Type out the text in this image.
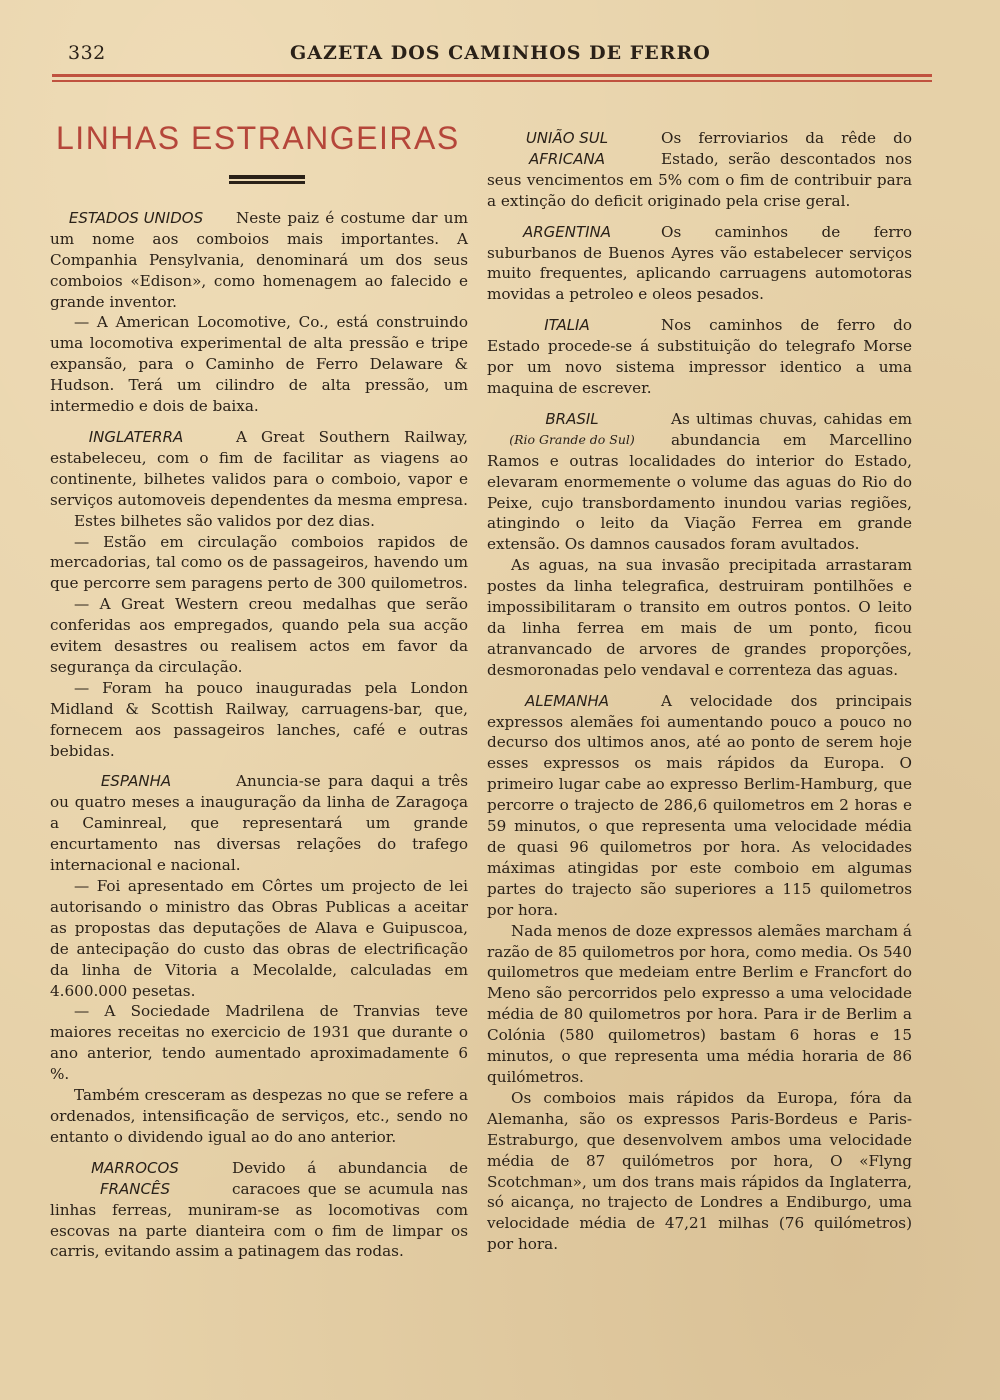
332	GAZETA DOS CAMINHOS DE FERRO
LINHAS ESTRANGEIRAS
ESTADOS UNIDOS	Neste paiz é costume dar um um nome aos comboios mais importantes. A Companhia Pensylvania, denominará um dos seus comboios «Edison», como homenagem ao falecido e grande inventor.

— A American Locomotive, Co., está construindo uma locomotiva experimental de alta pressão e tripe expansão, para o Caminho de Ferro Delaware & Hudson. Terá um cilindro de alta pressão, um intermedio e dois de baixa.

INGLATERRA	A Great Southern Railway, estabeleceu, com o fim de facilitar as viagens ao continente, bilhetes validos para o comboio, vapor e serviços automoveis dependentes da mesma empresa.

Estes bilhetes são validos por dez dias.

— Estão em circulação comboios rapidos de mercadorias, tal como os de passageiros, havendo um que percorre sem paragens perto de 300 quilometros.

— A Great Western creou medalhas que serão conferidas aos empregados, quando pela sua acção evitem desastres ou realisem actos em favor da segurança da circulação.

— Foram ha pouco inauguradas pela London Midland & Scottish Railway, carruagens-bar, que, fornecem aos passageiros lanches, café e outras bebidas.

ESPANHA	Anuncia-se para daqui a três ou quatro meses a inauguração da linha de Zaragoça a Caminreal, que representará um grande encurtamento nas diversas relações do trafego internacional e nacional.

— Foi apresentado em Côrtes um projecto de lei autorisando o ministro das Obras Publicas a aceitar as propostas das deputações de Alava e Guipuscoa, de antecipação do custo das obras de electrificação da linha de Vitoria a Mecolalde, calculadas em 4.600.000 pesetas.

— A Sociedade Madrilena de Tranvias teve maiores receitas no exercicio de 1931 que durante o ano anterior, tendo aumentado aproximadamente 6 %.

Também cresceram as despezas no que se refere a ordenados, intensificação de serviços, etc., sendo no entanto o dividendo igual ao do ano anterior.

MARROCOS
FRANCÊS

Devido á abundancia de caracoes que se acumula nas linhas ferreas, muniram-se as locomotivas com escovas na parte dianteira com o fim de limpar os carris, evitando assim a patinagem das rodas.

UNIÃO SUL
AFRICANA

Os ferroviarios da rêde do Estado, serão descontados nos seus vencimentos em 5% com o fim de contribuir para a extinção do deficit originado pela crise geral.

ARGENTINA	Os caminhos de ferro suburbanos de Buenos Ayres vão estabelecer serviços muito frequentes, aplicando carruagens automotoras movidas a petroleo e oleos pesados.

ITALIA	Nos caminhos de ferro do Estado procede-se á substituição do telegrafo Morse por um novo sistema impressor identico a uma maquina de escrever.

BRASIL
(Rio Grande do Sul)

As ultimas chuvas, cahidas em abundancia em Marcellino Ramos e outras localidades do interior do Estado, elevaram enormemente o volume das aguas do Rio do Peixe, cujo transbordamento inundou varias regiões, atingindo o leito da Viação Ferrea em grande extensão. Os damnos causados foram avultados.

As aguas, na sua invasão precipitada arrastaram postes da linha telegrafica, destruiram pontilhões e impossibilitaram o transito em outros pontos. O leito da linha ferrea em mais de um ponto, ficou atranvancado de arvores de grandes proporções, desmoronadas pelo vendaval e correnteza das aguas.

ALEMANHA	A velocidade dos principais expressos alemães foi aumentando pouco a pouco no decurso dos ultimos anos, até ao ponto de serem hoje esses expressos os mais rápidos da Europa. O primeiro lugar cabe ao expresso Berlim-Hamburg, que percorre o trajecto de 286,6 quilometros em 2 horas e 59 minutos, o que representa uma velocidade média de quasi 96 quilometros por hora. As velocidades máximas atingidas por este comboio em algumas partes do trajecto são superiores a 115 quilometros por hora.

Nada menos de doze expressos alemães marcham á razão de 85 quilometros por hora, como media. Os 540 quilometros que medeiam entre Berlim e Francfort do Meno são percorridos pelo expresso a uma velocidade média de 80 quilometros por hora. Para ir de Berlim a Colónia (580 quilometros) bastam 6 horas e 15 minutos, o que representa uma média horaria de 86 quilómetros.

Os comboios mais rápidos da Europa, fóra da Alemanha, são os expressos Paris-Bordeus e Paris-Estraburgo, que desenvolvem ambos uma velocidade média de 87 quilómetros por hora, O «Flyng Scotchman», um dos trans mais rápidos da Inglaterra, só aicança, no trajecto de Londres a Endiburgo, uma velocidade média de 47,21 milhas (76 quilómetros) por hora.
